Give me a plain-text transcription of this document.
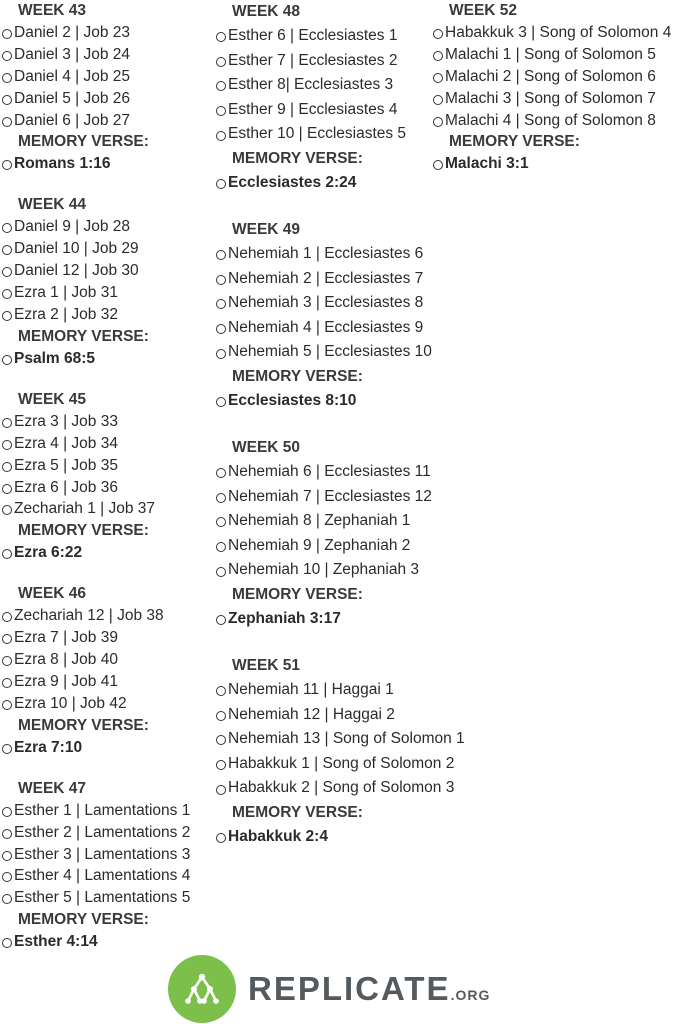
WEEK 43
Daniel 2 | Job 23
Daniel 3 | Job 24
Daniel 4 | Job 25
Daniel 5 | Job 26
Daniel 6 | Job 27
MEMORY VERSE:
Romans 1:16
WEEK 44
Daniel 9 | Job 28
Daniel 10 | Job 29
Daniel 12 | Job 30
Ezra 1 | Job 31
Ezra 2 | Job 32
MEMORY VERSE:
Psalm 68:5
WEEK 45
Ezra 3 | Job 33
Ezra 4 | Job 34
Ezra 5 | Job 35
Ezra 6 | Job 36
Zechariah 1 | Job 37
MEMORY VERSE:
Ezra 6:22
WEEK 46
Zechariah 12 | Job 38
Ezra 7 | Job 39
Ezra 8 | Job 40
Ezra 9 | Job 41
Ezra 10 | Job 42
MEMORY VERSE:
Ezra 7:10
WEEK 47
Esther 1 | Lamentations 1
Esther 2 | Lamentations 2
Esther 3 | Lamentations 3
Esther 4 | Lamentations 4
Esther 5 | Lamentations 5
MEMORY VERSE:
Esther 4:14
WEEK 48
Esther 6 | Ecclesiastes 1
Esther 7 | Ecclesiastes 2
Esther 8| Ecclesiastes 3
Esther 9 | Ecclesiastes 4
Esther 10 | Ecclesiastes 5
MEMORY VERSE:
Ecclesiastes 2:24
WEEK 49
Nehemiah 1 | Ecclesiastes 6
Nehemiah 2 | Ecclesiastes 7
Nehemiah 3 | Ecclesiastes 8
Nehemiah 4 | Ecclesiastes 9
Nehemiah 5 | Ecclesiastes 10
MEMORY VERSE:
Ecclesiastes 8:10
WEEK 50
Nehemiah 6 | Ecclesiastes 11
Nehemiah 7 | Ecclesiastes 12
Nehemiah 8 | Zephaniah 1
Nehemiah 9 | Zephaniah 2
Nehemiah 10 | Zephaniah 3
MEMORY VERSE:
Zephaniah 3:17
WEEK 51
Nehemiah 11 | Haggai 1
Nehemiah 12 | Haggai 2
Nehemiah 13 | Song of Solomon 1
Habakkuk 1 | Song of Solomon 2
Habakkuk 2 | Song of Solomon 3
MEMORY VERSE:
Habakkuk 2:4
WEEK 52
Habakkuk 3 | Song of Solomon 4
Malachi 1 | Song of Solomon 5
Malachi 2 | Song of Solomon 6
Malachi 3 | Song of Solomon 7
Malachi 4 | Song of Solomon 8
MEMORY VERSE:
Malachi 3:1
REPLICATE.ORG
